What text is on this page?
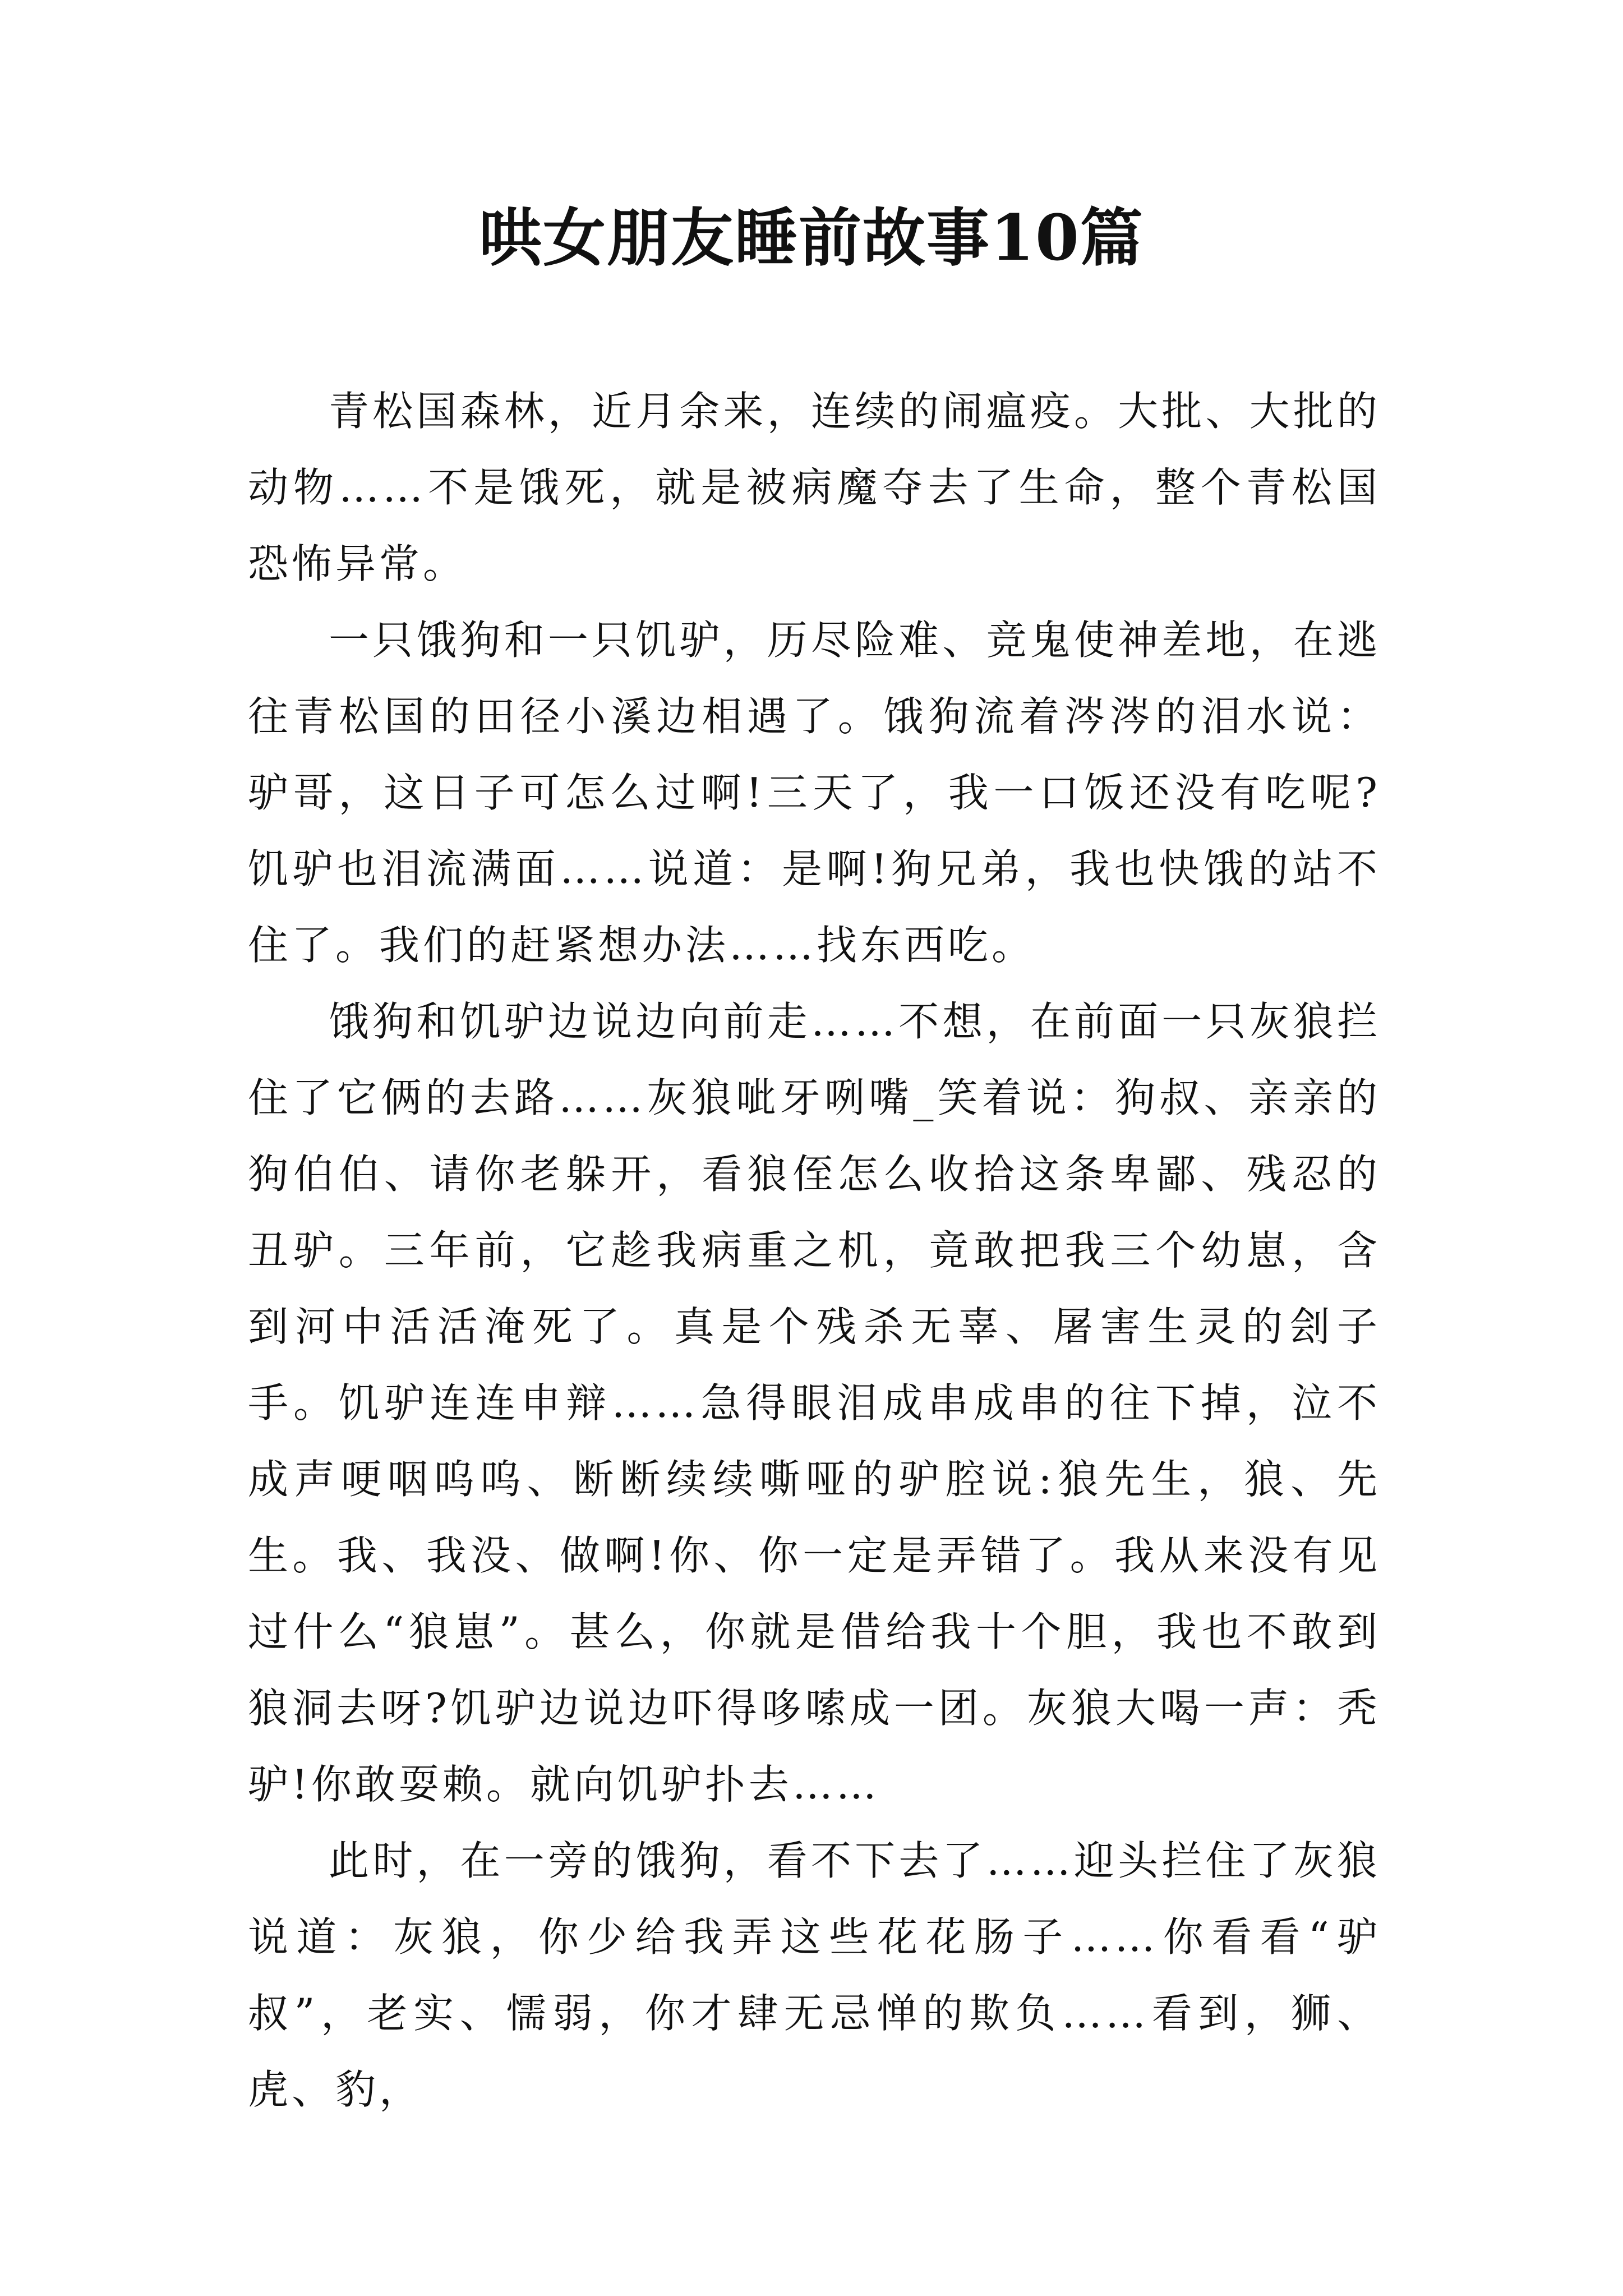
哄女朋友睡前故事10篇

青松国森林，近月余来，连续的闹瘟疫。大批、大批的动物……不是饿死，就是被病魔夺去了生命，整个青松国恐怖异常。

一只饿狗和一只饥驴，历尽险难、竞鬼使神差地，在逃往青松国的田径小溪边相遇了。饿狗流着涔涔的泪水说：驴哥，这日子可怎么过啊!三天了，我一口饭还没有吃呢?饥驴也泪流满面……说道：是啊!狗兄弟，我也快饿的站不住了。我们的赶紧想办法……找东西吃。

饿狗和饥驴边说边向前走……不想，在前面一只灰狼拦住了它俩的去路……灰狼呲牙咧嘴_笑着说：狗叔、亲亲的狗伯伯、请你老躲开，看狼侄怎么收拾这条卑鄙、残忍的丑驴。三年前，它趁我病重之机，竟敢把我三个幼崽，含到河中活活淹死了。真是个残杀无辜、屠害生灵的刽子手。饥驴连连申辩……急得眼泪成串成串的往下掉，泣不成声哽咽呜呜、断断续续嘶哑的驴腔说:狼先生，狼、先生。我、我没、做啊!你、你一定是弄错了。我从来没有见过什么“狼崽”。甚么，你就是借给我十个胆，我也不敢到狼洞去呀?饥驴边说边吓得哆嗦成一团。灰狼大喝一声：秃驴!你敢耍赖。就向饥驴扑去……

此时，在一旁的饿狗，看不下去了……迎头拦住了灰狼说道：灰狼，你少给我弄这些花花肠子……你看看“驴叔”，老实、懦弱，你才肆无忌惮的欺负……看到，狮、虎、豹，
